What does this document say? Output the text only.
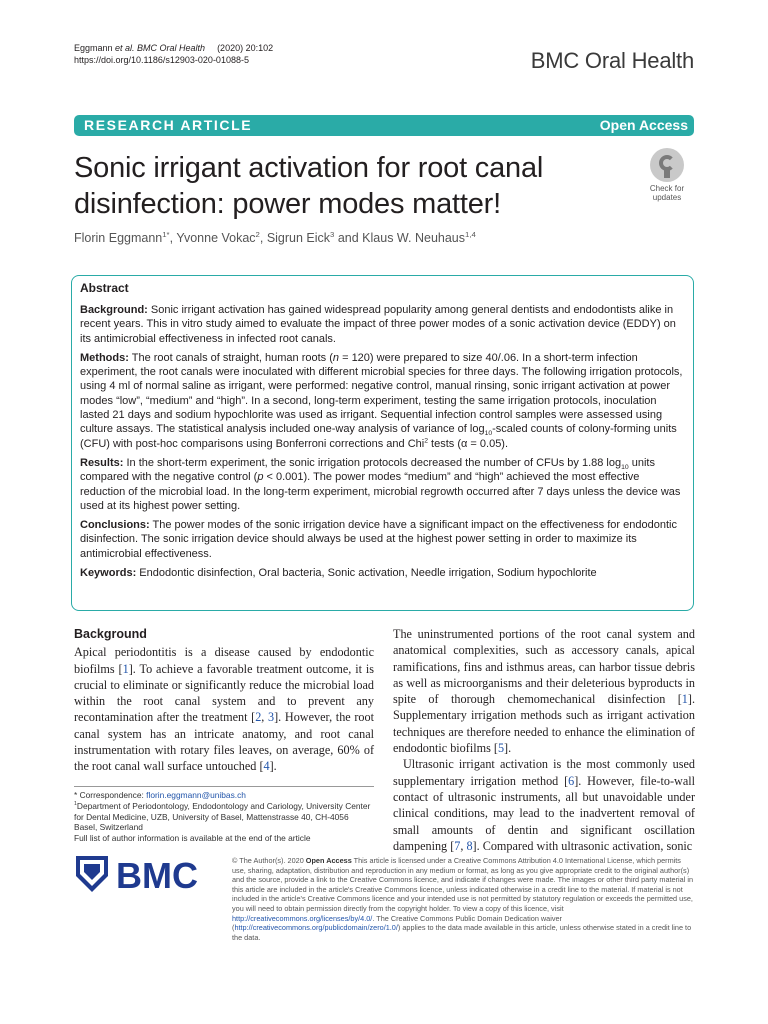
Eggmann et al. BMC Oral Health (2020) 20:102
https://doi.org/10.1186/s12903-020-01088-5	BMC Oral Health
RESEARCH ARTICLE	Open Access
Sonic irrigant activation for root canal disinfection: power modes matter!	Check for
updates
Florin Eggmann$^{1*}$, Yvonne Vokac$^2$, Sigrun Eick$^3$ and Klaus W. Neuhaus$^{1,4}$
Abstract

Background: Sonic irrigant activation has gained widespread popularity among general dentists and endodontists alike in recent years. This in vitro study aimed to evaluate the impact of three power modes of a sonic activation device (EDDY) on its antimicrobial effectiveness in infected root canals.

Methods: The root canals of straight, human roots (n = 120) were prepared to size 40/.06. In a short-term infection experiment, the root canals were inoculated with different microbial species for three days. The following irrigation protocols, using 4 ml of normal saline as irrigant, were performed: negative control, manual rinsing, sonic irrigant activation at power modes “low”, “medium” and “high”. In a second, long-term experiment, testing the same irrigation protocols, inoculation lasted 21 days and sodium hypochlorite was used as irrigant. Sequential infection control samples were assessed using culture assays. The statistical analysis included one-way analysis of variance of $\log_{10}$-scaled counts of colony-forming units (CFU) with post-hoc comparisons using Bonferroni corrections and Chi$^2$ tests (α = 0.05).

Results: In the short-term experiment, the sonic irrigation protocols decreased the number of CFUs by 1.88 $\log_{10}$ units compared with the negative control (p < 0.001). The power modes “medium” and “high” achieved the most effective reduction of the microbial load. In the long-term experiment, microbial regrowth occurred after 7 days unless the device was used at its highest power setting.

Conclusions: The power modes of the sonic irrigation device have a significant impact on the effectiveness for endodontic disinfection. The sonic irrigation device should always be used at the highest power setting in order to maximize its antimicrobial effectiveness.

Keywords: Endodontic disinfection, Oral bacteria, Sonic activation, Needle irrigation, Sodium hypochlorite

Background

Apical periodontitis is a disease caused by endodontic biofilms [1]. To achieve a favorable treatment outcome, it is crucial to eliminate or significantly reduce the microbial load within the root canal system and to prevent any recontamination after the treatment [2, 3]. However, the root canal system has an intricate anatomy, and root canal instrumentation with rotary files leaves, on average, 60% of the root canal wall surface untouched [4].

* Correspondence: florin.eggmann@unibas.ch
$^1$Department of Periodontology, Endodontology and Cariology, University Center for Dental Medicine, UZB, University of Basel, Mattenstrasse 40, CH-4056 Basel, Switzerland
Full list of author information is available at the end of the article

The uninstrumented portions of the root canal system and anatomical complexities, such as accessory canals, apical ramifications, fins and isthmus areas, can harbor tissue debris as well as microorganisms and their deleterious byproducts in spite of thorough chemomechanical disinfection [1]. Supplementary irrigation methods such as irrigant activation techniques are therefore needed to enhance the elimination of endodontic biofilms [5].

Ultrasonic irrigant activation is the most commonly used supplementary irrigation method [6]. However, file-to-wall contact of ultrasonic instruments, all but unavoidable under clinical conditions, may lead to the inadvertent removal of small amounts of dentin and significant oscillation dampening [7, 8]. Compared with ultrasonic activation, sonic

BMC	© The Author(s). 2020 Open Access This article is licensed under a Creative Commons Attribution 4.0 International License, which permits use, sharing, adaptation, distribution and reproduction in any medium or format, as long as you give appropriate credit to the original author(s) and the source, provide a link to the Creative Commons licence, and indicate if changes were made. The images or other third party material in this article are included in the article's Creative Commons licence, unless indicated otherwise in a credit line to the material. If material is not included in the article's Creative Commons licence and your intended use is not permitted by statutory regulation or exceeds the permitted use, you will need to obtain permission directly from the copyright holder. To view a copy of this licence, visit http://creativecommons.org/licenses/by/4.0/. The Creative Commons Public Domain Dedication waiver (http://creativecommons.org/publicdomain/zero/1.0/) applies to the data made available in this article, unless otherwise stated in a credit line to the data.
